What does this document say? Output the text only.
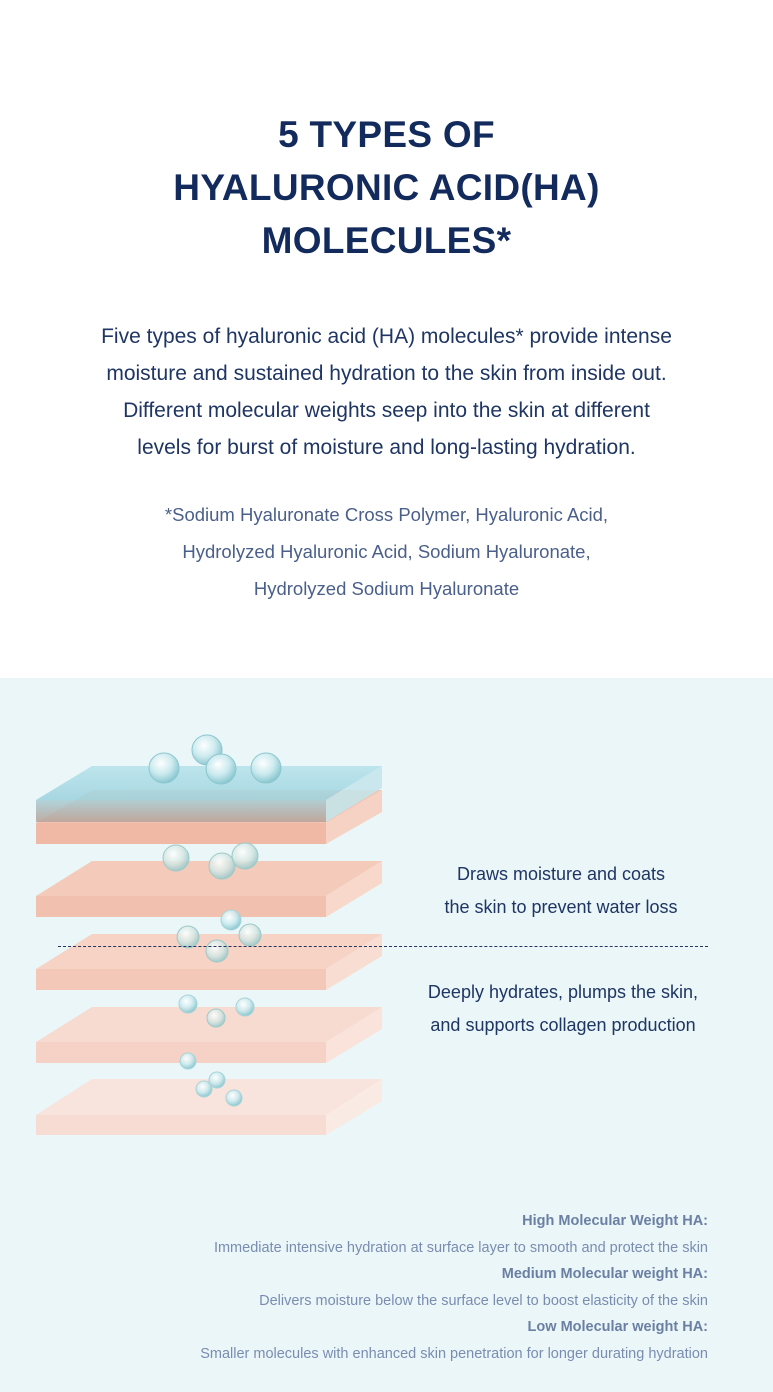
5 TYPES OF
HYALURONIC ACID(HA)
MOLECULES*
Five types of hyaluronic acid (HA) molecules* provide intense
moisture and sustained hydration to the skin from inside out.
Different molecular weights seep into the skin at different
levels for burst of moisture and long-lasting hydration.
*Sodium Hyaluronate Cross Polymer, Hyaluronic Acid,
Hydrolyzed Hyaluronic Acid, Sodium Hyaluronate,
Hydrolyzed Sodium Hyaluronate
Draws moisture and coats
the skin to prevent water loss
Deeply hydrates, plumps the skin,
and supports collagen production
High Molecular Weight HA:
Immediate intensive hydration at surface layer to smooth and protect the skin
Medium Molecular weight HA:
Delivers moisture below the surface level to boost elasticity of the skin
Low Molecular weight HA:
Smaller molecules with enhanced skin penetration for longer durating hydration
